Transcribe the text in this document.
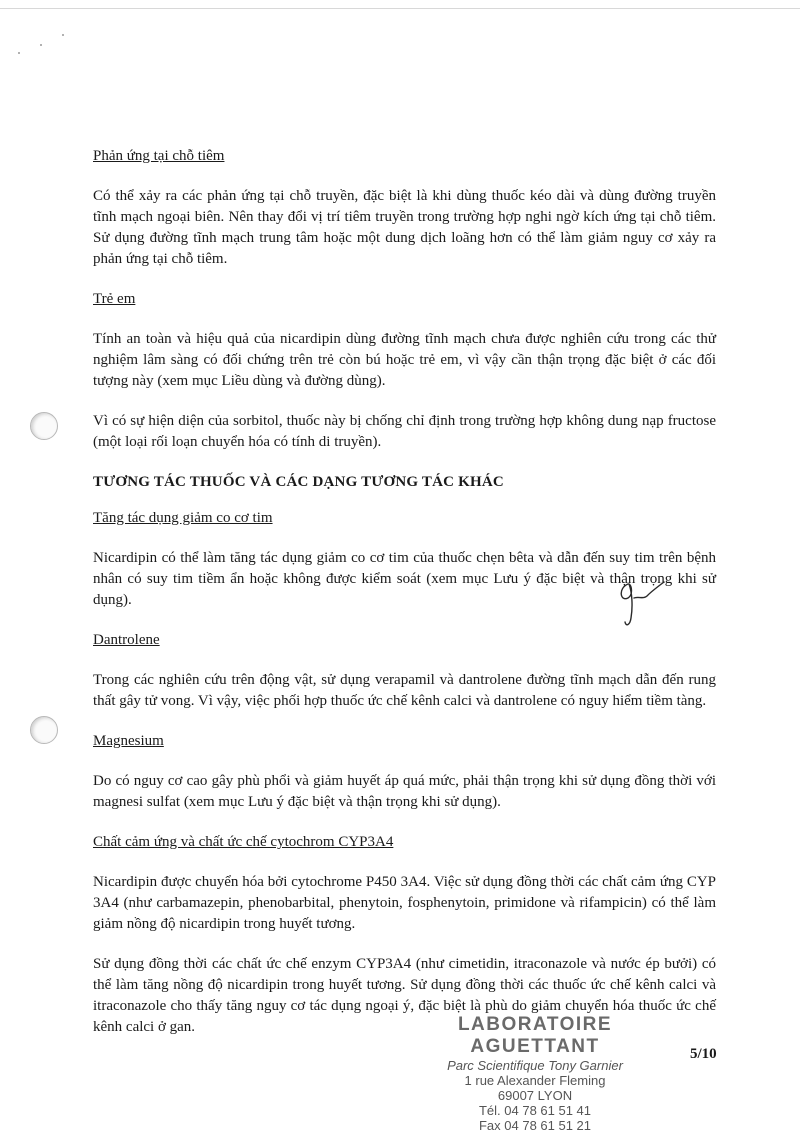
Phản ứng tại chỗ tiêm
Có thể xảy ra các phản ứng tại chỗ truyền, đặc biệt là khi dùng thuốc kéo dài và dùng đường truyền tĩnh mạch ngoại biên. Nên thay đổi vị trí tiêm truyền trong trường hợp nghi ngờ kích ứng tại chỗ tiêm. Sử dụng đường tĩnh mạch trung tâm hoặc một dung dịch loãng hơn có thể làm giảm nguy cơ xảy ra phản ứng tại chỗ tiêm.
Trẻ em
Tính an toàn và hiệu quả của nicardipin dùng đường tĩnh mạch chưa được nghiên cứu trong các thử nghiệm lâm sàng có đối chứng trên trẻ còn bú hoặc trẻ em, vì vậy cần thận trọng đặc biệt ở các đối tượng này (xem mục Liều dùng và đường dùng).
Vì có sự hiện diện của sorbitol, thuốc này bị chống chỉ định trong trường hợp không dung nạp fructose (một loại rối loạn chuyển hóa có tính di truyền).
TƯƠNG TÁC THUỐC VÀ CÁC DẠNG TƯƠNG TÁC KHÁC
Tăng tác dụng giảm co cơ tim
Nicardipin có thể làm tăng tác dụng giảm co cơ tim của thuốc chẹn bêta và dẫn đến suy tim trên bệnh nhân có suy tim tiềm ẩn hoặc không được kiểm soát (xem mục Lưu ý đặc biệt và thận trọng khi sử dụng).
Dantrolene
Trong các nghiên cứu trên động vật, sử dụng verapamil và dantrolene đường tĩnh mạch dẫn đến rung thất gây tử vong. Vì vậy, việc phối hợp thuốc ức chế kênh calci và dantrolene có nguy hiểm tiềm tàng.
Magnesium
Do có nguy cơ cao gây phù phổi và giảm huyết áp quá mức, phải thận trọng khi sử dụng đồng thời với magnesi sulfat (xem mục Lưu ý đặc biệt và thận trọng khi sử dụng).
Chất cảm ứng và chất ức chế cytochrom CYP3A4
Nicardipin được chuyển hóa bởi cytochrome P450 3A4. Việc sử dụng đồng thời các chất cảm ứng CYP 3A4 (như carbamazepin, phenobarbital, phenytoin, fosphenytoin, primidone và rifampicin) có thể làm giảm nồng độ nicardipin trong huyết tương.
Sử dụng đồng thời các chất ức chế enzym CYP3A4 (như cimetidin, itraconazole và nước ép bưởi) có thể làm tăng nồng độ nicardipin trong huyết tương. Sử dụng đồng thời các thuốc ức chế kênh calci và itraconazole cho thấy tăng nguy cơ tác dụng ngoại ý, đặc biệt là phù do giảm chuyển hóa thuốc ức chế kênh calci ở gan.	LABORATOIRE AGUETTANT
Parc Scientifique Tony Garnier
1 rue Alexander Fleming
69007 LYON
Tél. 04 78 61 51 41
Fax 04 78 61 51 21
5/10
